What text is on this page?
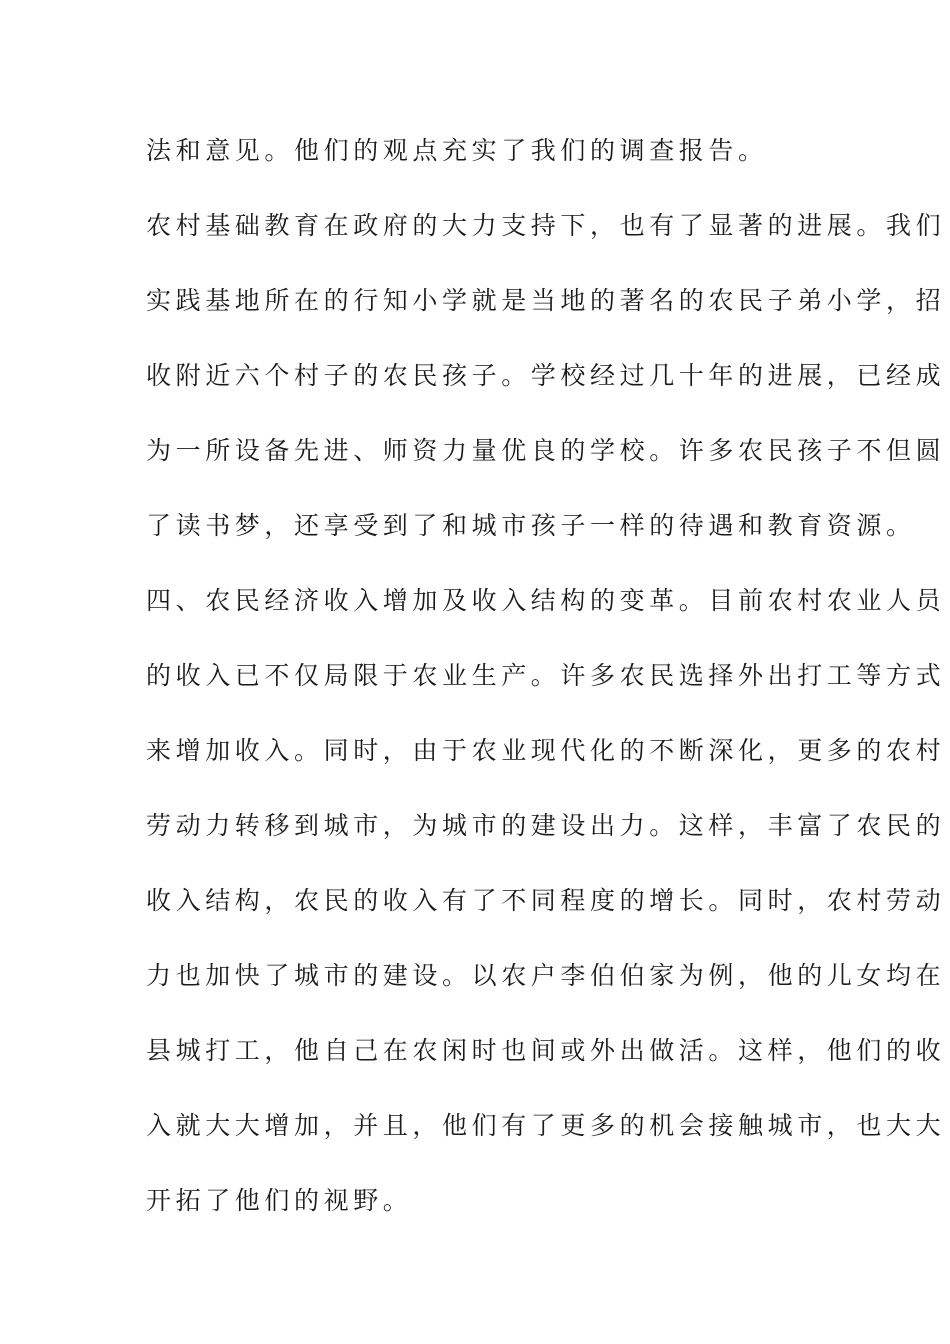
法和意见。他们的观点充实了我们的调查报告。
农村基础教育在政府的大力支持下，也有了显著的进展。我们
实践基地所在的行知小学就是当地的著名的农民子弟小学，招
收附近六个村子的农民孩子。学校经过几十年的进展，已经成
为一所设备先进、师资力量优良的学校。许多农民孩子不但圆
了读书梦，还享受到了和城市孩子一样的待遇和教育资源。
四、农民经济收入增加及收入结构的变革。目前农村农业人员
的收入已不仅局限于农业生产。许多农民选择外出打工等方式
来增加收入。同时，由于农业现代化的不断深化，更多的农村
劳动力转移到城市，为城市的建设出力。这样，丰富了农民的
收入结构，农民的收入有了不同程度的增长。同时，农村劳动
力也加快了城市的建设。以农户李伯伯家为例，他的儿女均在
县城打工，他自己在农闲时也间或外出做活。这样，他们的收
入就大大增加，并且，他们有了更多的机会接触城市，也大大
开拓了他们的视野。
